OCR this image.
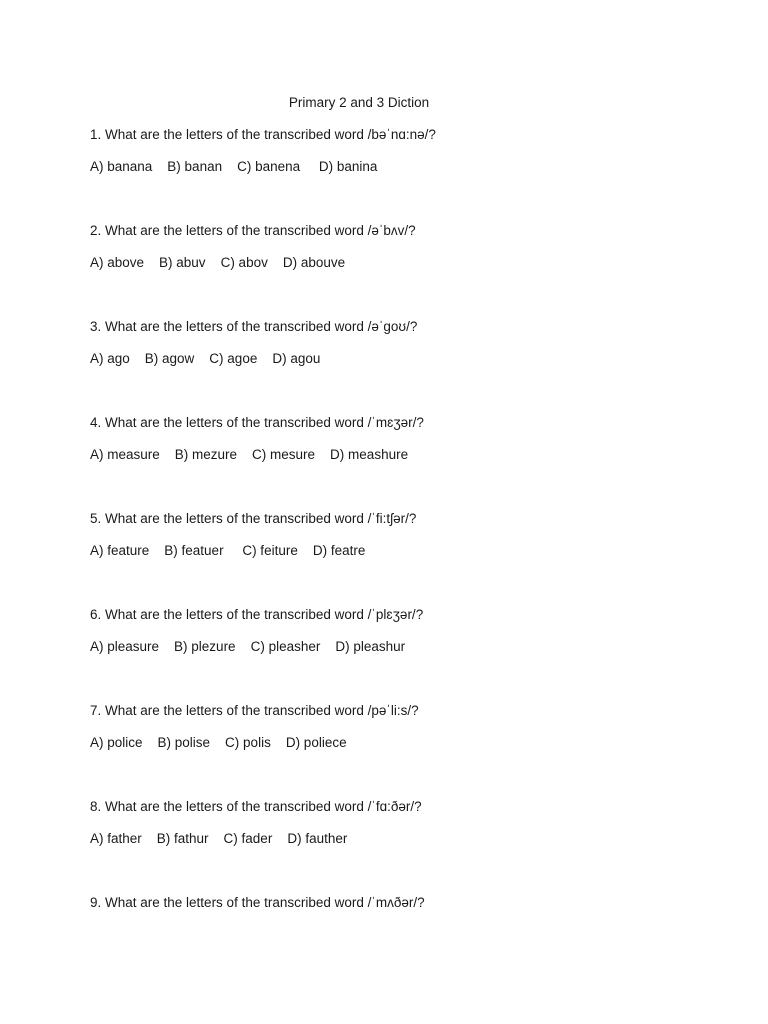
Primary 2 and 3 Diction
1. What are the letters of the transcribed word /bəˈnɑ:nə/?
A) banana    B) banan    C) banena     D) banina
2. What are the letters of the transcribed word /əˈbʌv/?
A) above    B) abuv    C) abov    D) abouve
3. What are the letters of the transcribed word /əˈgoʊ/?
A) ago    B) agow    C) agoe    D) agou
4. What are the letters of the transcribed word /ˈmɛʒər/?
A) measure    B) mezure    C) mesure    D) meashure
5. What are the letters of the transcribed word /ˈfi:tʃər/?
A) feature    B) featuer     C) feiture    D) featre
6. What are the letters of the transcribed word /ˈplɛʒər/?
A) pleasure    B) plezure    C) pleasher    D) pleashur
7. What are the letters of the transcribed word /pəˈli:s/?
A) police    B) polise    C) polis    D) poliece
8. What are the letters of the transcribed word /ˈfɑ:ðər/?
A) father    B) fathur    C) fader    D) fauther
9. What are the letters of the transcribed word /ˈmʌðər/?
